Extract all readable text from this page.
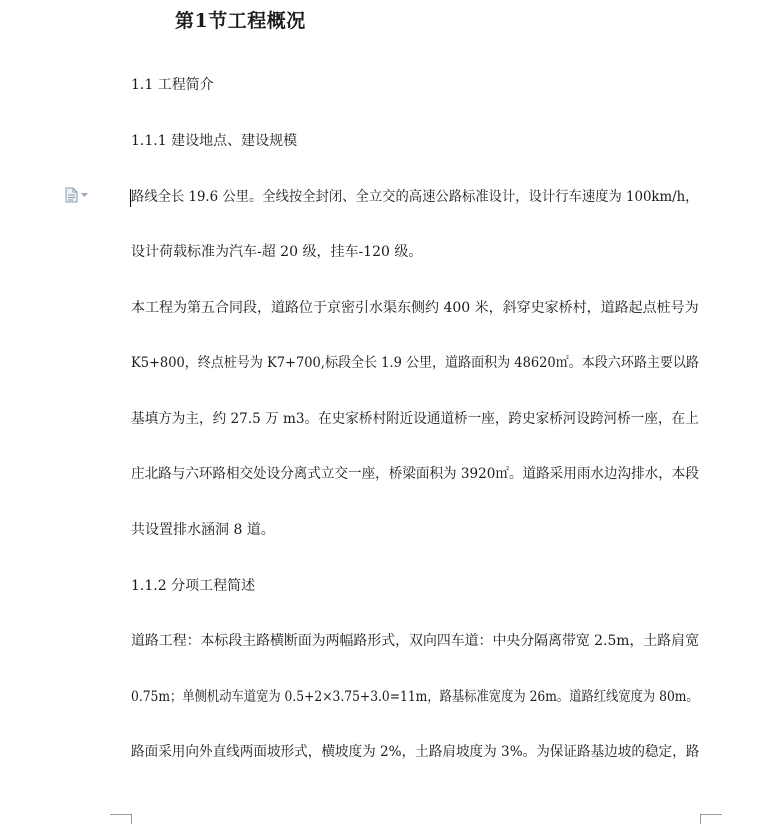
第1节工程概况
1.1 工程简介
1.1.1 建设地点、建设规模
路线全长 19.6 公里。全线按全封闭、全立交的高速公路标准设计，设计行车速度为 100km/h，
设计荷载标准为汽车-超 20 级，挂车-120 级。
本工程为第五合同段，道路位于京密引水渠东侧约 400 米，斜穿史家桥村，道路起点桩号为
K5+800，终点桩号为 K7+700,标段全长 1.9 公里，道路面积为 48620㎡。本段六环路主要以路
基填方为主，约 27.5 万 m3。在史家桥村附近设通道桥一座，跨史家桥河设跨河桥一座，在上
庄北路与六环路相交处设分离式立交一座，桥梁面积为 3920㎡。道路采用雨水边沟排水，本段
共设置排水涵洞 8 道。
1.1.2 分项工程简述
道路工程：本标段主路横断面为两幅路形式，双向四车道：中央分隔离带宽 2.5m，土路肩宽
0.75m；单侧机动车道宽为 0.5+2×3.75+3.0=11m，路基标准宽度为 26m。道路红线宽度为 80m。
路面采用向外直线两面坡形式，横坡度为 2%，土路肩坡度为 3%。为保证路基边坡的稳定，路
